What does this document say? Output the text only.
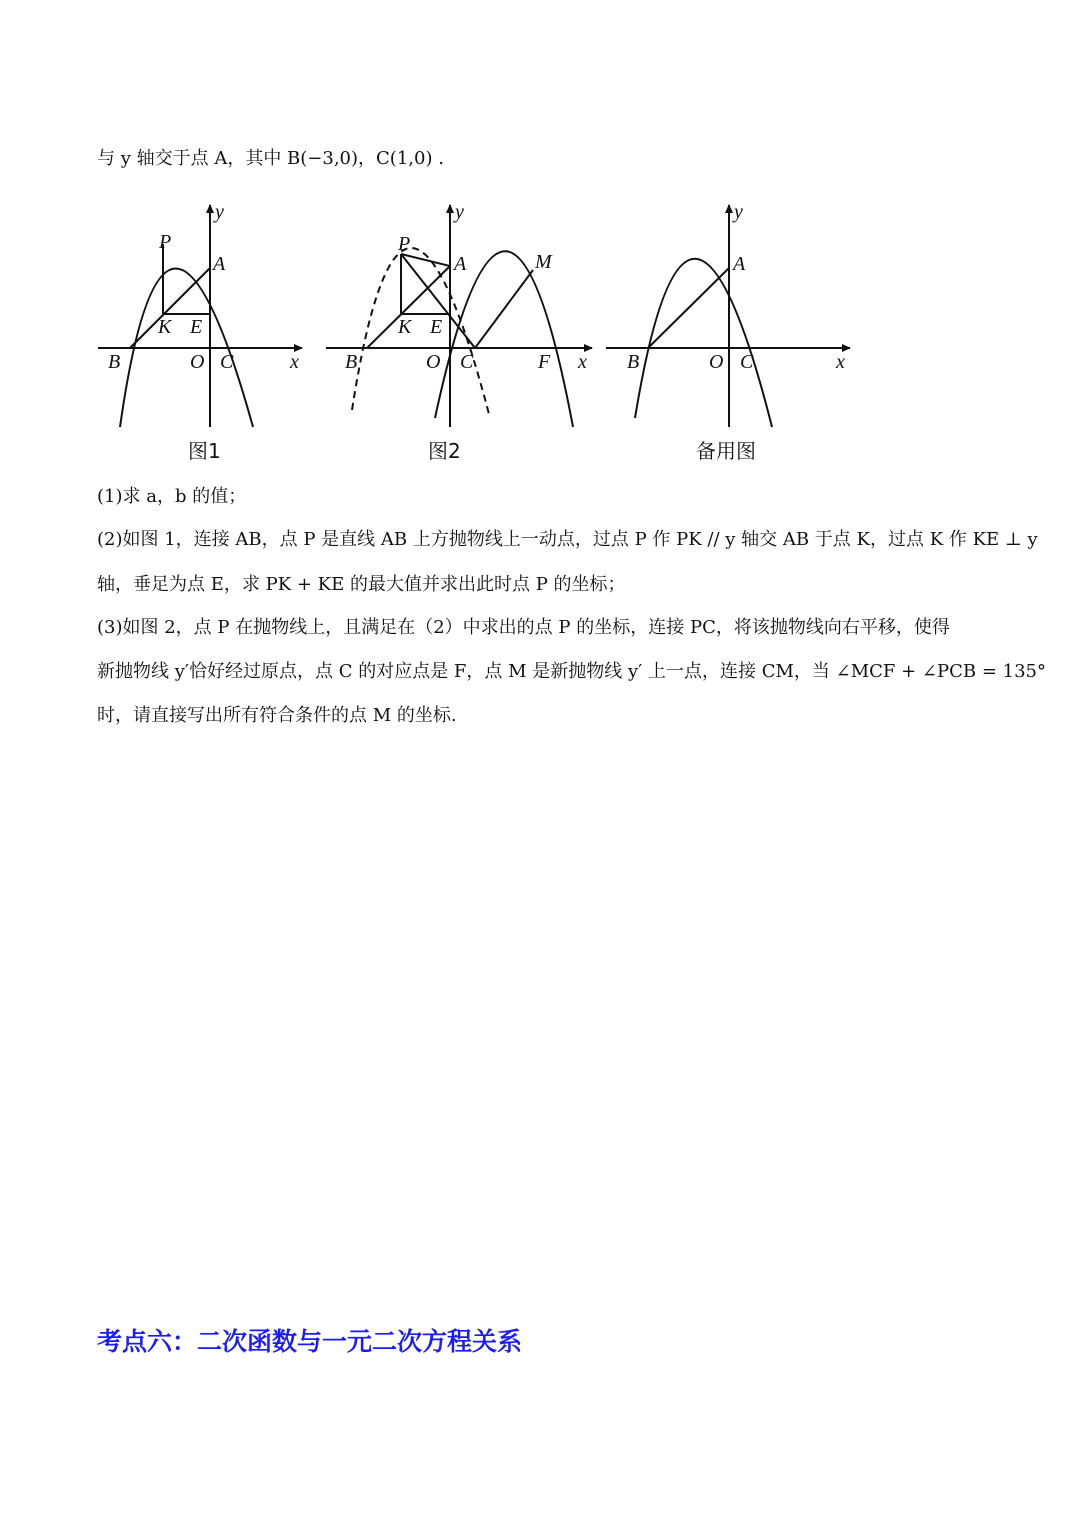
与 y 轴交于点 A，其中 B(−3,0)，C(1,0) .
y
P
A
K E
B	O C	x
图1
y
P
A	M
K E
B	O C	F x
图2
y
A
B	O C	x
备用图
(1)求 a，b 的值；
(2)如图 1，连接 AB，点 P 是直线 AB 上方抛物线上一动点，过点 P 作 PK // y 轴交 AB 于点 K，过点 K 作 KE ⊥ y
轴，垂足为点 E，求 PK + KE 的最大值并求出此时点 P 的坐标；
(3)如图 2，点 P 在抛物线上，且满足在（2）中求出的点 P 的坐标，连接 PC，将该抛物线向右平移，使得
新抛物线 y′恰好经过原点，点 C 的对应点是 F，点 M 是新抛物线 y′ 上一点，连接 CM，当 ∠MCF + ∠PCB = 135°
时，请直接写出所有符合条件的点 M 的坐标.
考点六：二次函数与一元二次方程关系
